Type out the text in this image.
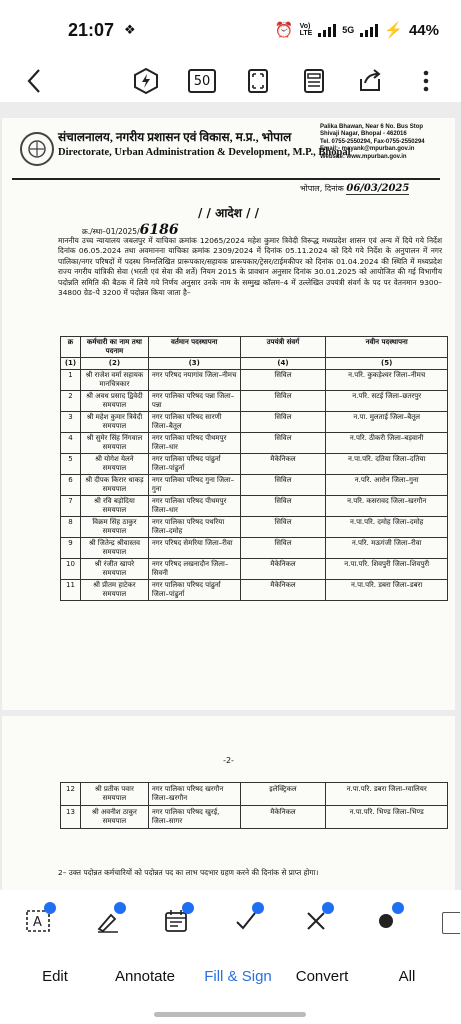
21:07 ❖	⏰ Vo)
LTE	5G ⚡ 44%
50
संचालनालय, नगरीय प्रशासन एवं विकास, म.प्र., भोपाल
Directorate, Urban Administration & Development, M.P., Bhopal
Palika Bhawan, Near 6 No. Bus Stop
Shivaji Nagar, Bhopal - 462016
Tel. 0755-2550294, Fax-0755-2550294
Email:- mayank@mpurban.gov.in
Website: www.mpurban.gov.in
भोपाल, दिनांक 06/03/2025
/ / आदेश / /
क्र./स्था–01/2025/6186
माननीय उच्च न्यायालय जबलपुर में याचिका क्रमांक 12065/2024 महेश कुमार त्रिवेदी विरूद्ध मध्यप्रदेश शासन एवं अन्य में दिये गये निर्देश दिनांक 06.05.2024 तथा अवमानना याचिका क्रमांक 2309/2024 में दिनांक 05.11.2024 को दिये गये निर्देश के अनुपालन में नगर पालिका/नगर परिषदों में पदस्थ निम्नलिखित प्रारूपकार/सहायक प्रारूपकार/ट्रेसर/टाईमकीपर को दिनांक 01.04.2024 की स्थिति में मध्यप्रदेश राज्य नगरीय यांत्रिकी सेवा (भरती एवं सेवा की शर्ते) नियम 2015 के प्रावधान अनुसार दिनांक 30.01.2025 को आयोजित की गई विभागीय पदोन्नति समिति की बैठक में लिये गये निर्णय अनुसार उनके नाम के सम्मुख कॉलम–4 में उल्लेखित उपयंत्री संवर्ग के पद पर वेतनमान 9300–34800 ग्रेड–पे 3200 में पदोन्नत किया जाता है–
क्र	कर्मचारी का नाम तथा पदनाम	वर्तमान पदस्थापना	उपयंत्री संवर्ग	नवीन पदस्थापना
(1)	(2)	(3)	(4)	(5)
1	श्री राजेश वर्मा सहायक मानचित्रकार	नगर परिषद नयागांव जिला–नीमच	सिविल	न.परि. कुकड़ेश्वर जिला–नीमच
2	श्री अवध प्रसाद द्विवेदी समयपाल	नगर पालिका परिषद पन्ना जिला–पन्ना	सिविल	न.परि. सटई जिला–छतरपुर
3	श्री महेश कुमार त्रिवेदी समयपाल	नगर पालिका परिषद सारणी जिला–बैतूल	सिविल	न.पा. मुलताई जिला–बैतूल
4	श्री सुमेर सिंह निंगवाल समयपाल	नगर पालिका परिषद पीथमपुर जिला–धार	सिविल	न.परि. ठीकरी जिला–बड़वानी
5	श्री योगेश येलने समयपाल	नगर पालिका परिषद पांढुर्ना जिला–पांढुर्ना	मैकेनिकल	न.पा.परि. दतिया जिला–दतिया
6	श्री दीपक किरार धाकड़ समयपाल	नगर पालिका परिषद गुना जिला–गुना	सिविल	न.परि. आरोन जिला–गुना
7	श्री रवि बड़ोदिया समयपाल	नगर पालिका परिषद पीथमपुर जिला–धार	सिविल	न.परि. कसरावद जिला–खरगौन
8	विक्रम सिंह ठाकुर समयपाल	नगर पालिका परिषद पथरिया जिला–दमोह	सिविल	न.पा.परि. दमोह जिला–दमोह
9	श्री जितेन्द्र श्रीवास्तव समयपाल	नगर परिषद सेमरिया जिला–रीवा	सिविल	न.परि. मऊगंजी जिला–रीवा
10	श्री रंजीत खापरे समयपाल	नगर परिषद लखनादौन जिला–सिवनी	मैकेनिकल	न.पा.परि. शिवपुरी जिला–शिवपुरी
11	श्री प्रीतम हाटेकर समयपाल	नगर पालिका परिषद पांढुर्ना जिला–पांढुर्ना	मैकेनिकल	न.पा.परि. डबरा जिला–डबरा
-2-
12	श्री प्रतीक पवार समयपाल	नगर पालिका परिषद खरगौन जिला–खरगौन	इलेक्ट्रिकल	न.पा.परि. डबरा जिला–ग्वालियर
13	श्री अवनीश ठाकुर समयपाल	नगर पालिका परिषद खुरई, जिला–सागर	मैकेनिकल	न.पा.परि. भिण्ड जिला–भिण्ड
2– उक्त पदोन्नत कर्मचारियों को पदोन्नत पद का लाभ पदभार ग्रहण करने की दिनांक से प्राप्त होगा।
A
Edit	Annotate Fill & Sign Convert	All
